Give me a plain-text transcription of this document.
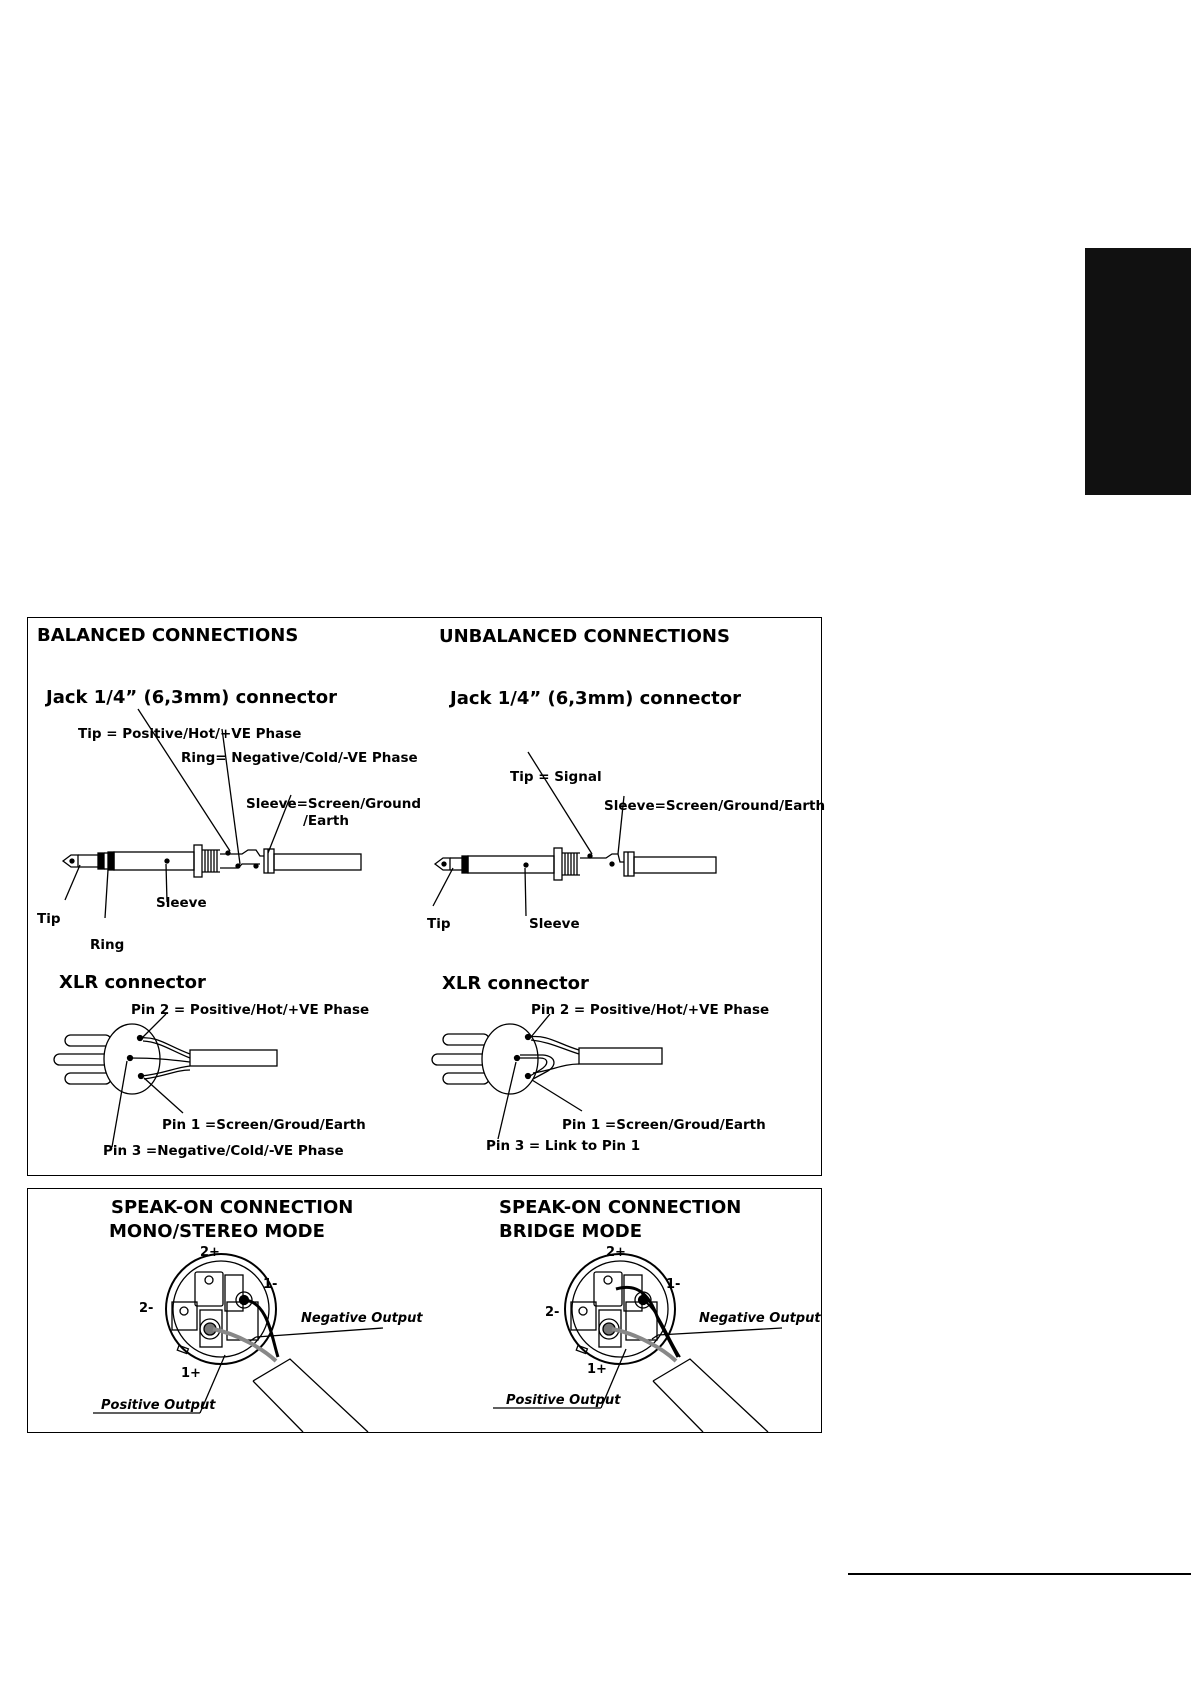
BALANCED CONNECTIONS
Jack 1/4” (6,3mm) connector
Tip = Positive/Hot/+VE Phase
Ring= Negative/Cold/-VE Phase
Sleeve=Screen/Ground
/Earth
Tip
Ring
Sleeve
XLR connector
Pin 2 = Positive/Hot/+VE Phase
Pin 1 =Screen/Groud/Earth
Pin 3 =Negative/Cold/-VE Phase
UNBALANCED CONNECTIONS
Jack 1/4” (6,3mm) connector
Tip = Signal
Sleeve=Screen/Ground/Earth
Tip	Sleeve
XLR connector
Pin 2 = Positive/Hot/+VE Phase
Pin 1 =Screen/Groud/Earth
Pin 3 = Link to Pin 1
SPEAK-ON CONNECTION
MONO/STEREO MODE
2+
1-
2-
1+
Negative Output
Positive Output
SPEAK-ON CONNECTION
BRIDGE MODE
2+
1-
2-
1+
Negative Output
Positive Output
